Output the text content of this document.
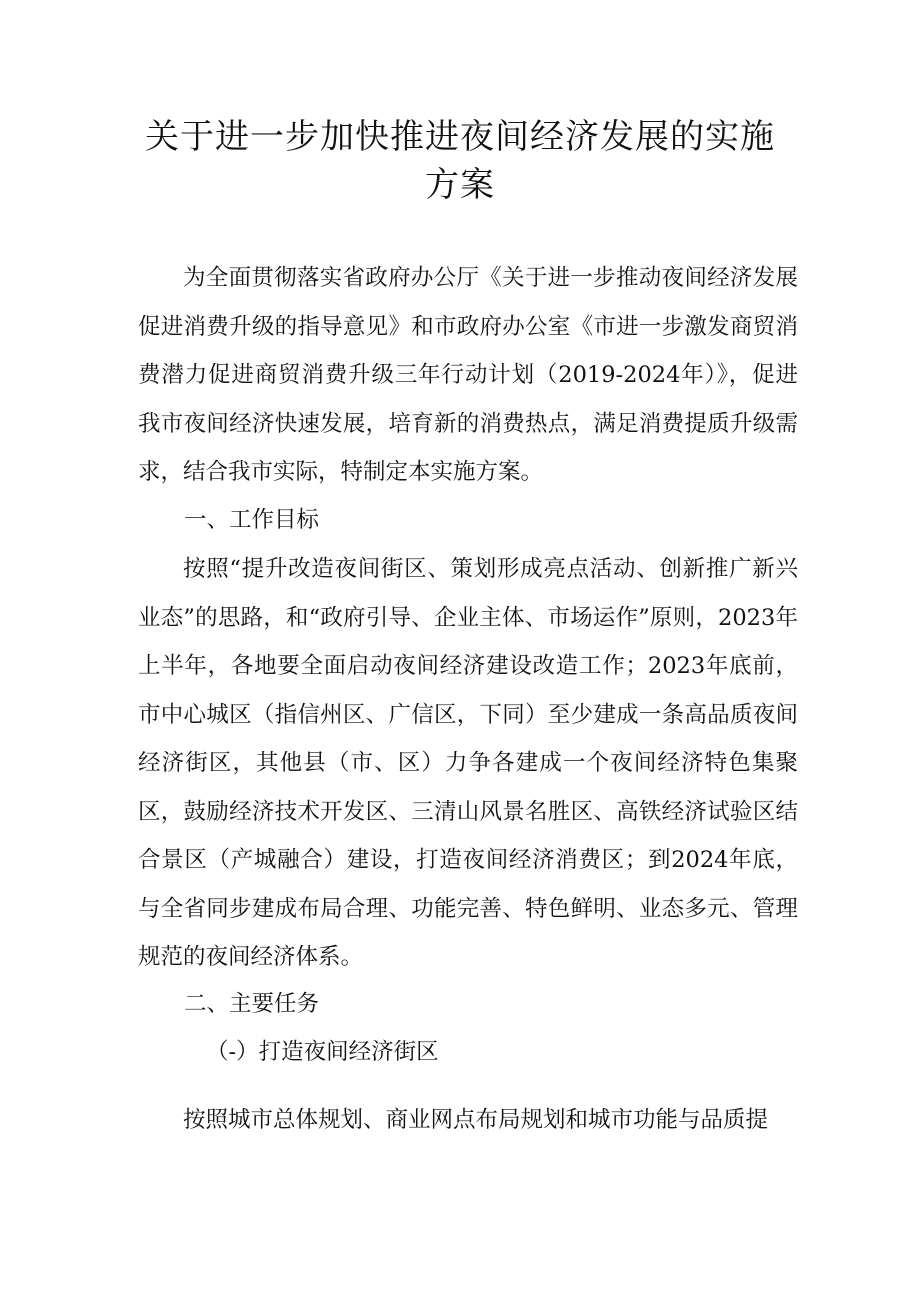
关于进一步加快推进夜间经济发展的实施
方案

为全面贯彻落实省政府办公厅《关于进一步推动夜间经济发展促进消费升级的指导意见》和市政府办公室《市进一步激发商贸消费潜力促进商贸消费升级三年行动计划（2019-2024年）》，促进我市夜间经济快速发展，培育新的消费热点，满足消费提质升级需求，结合我市实际，特制定本实施方案。

一、工作目标

按照“提升改造夜间街区、策划形成亮点活动、创新推广新兴业态”的思路，和“政府引导、企业主体、市场运作”原则，2023年上半年，各地要全面启动夜间经济建设改造工作；2023年底前，市中心城区（指信州区、广信区，下同）至少建成一条高品质夜间经济街区，其他县（市、区）力争各建成一个夜间经济特色集聚区，鼓励经济技术开发区、三清山风景名胜区、高铁经济试验区结合景区（产城融合）建设，打造夜间经济消费区；到2024年底，与全省同步建成布局合理、功能完善、特色鲜明、业态多元、管理规范的夜间经济体系。

二、主要任务

（-）打造夜间经济街区

按照城市总体规划、商业网点布局规划和城市功能与品质提
